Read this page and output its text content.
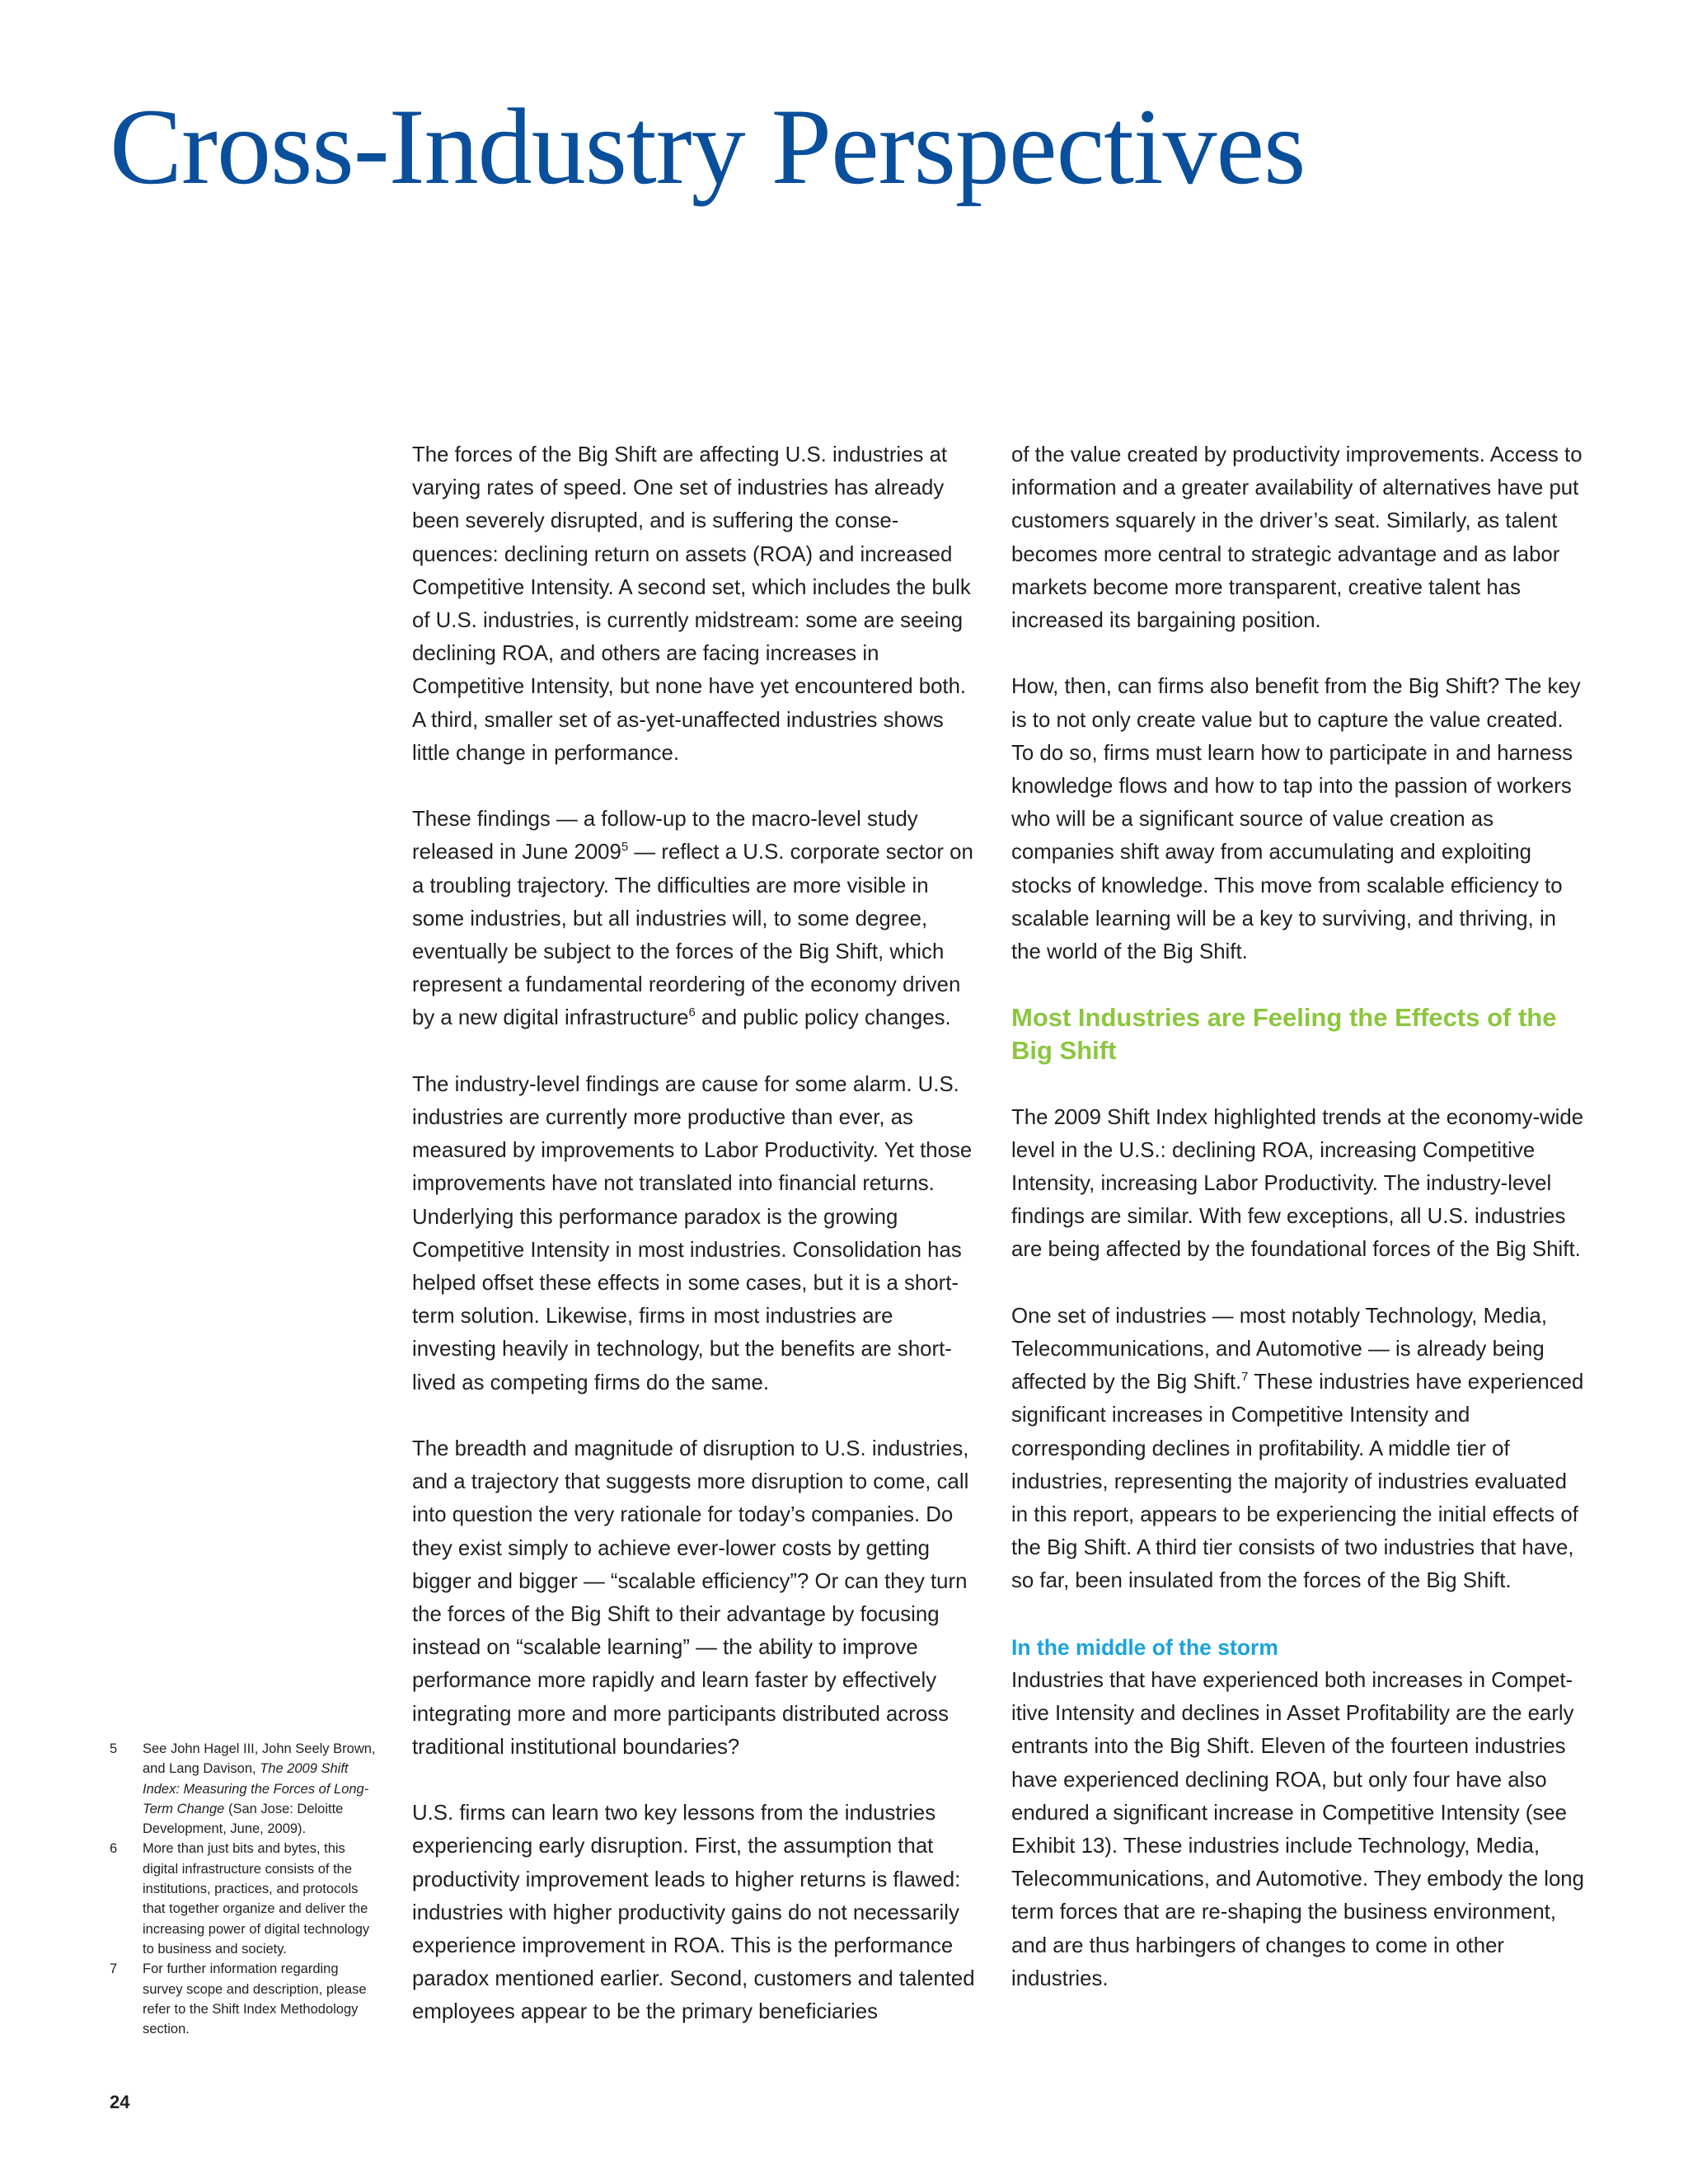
Cross-Industry Perspectives

The forces of the Big Shift are affecting U.S. industries at varying rates of speed. One set of industries has already been severely disrupted, and is suffering the consequences: declining return on assets (ROA) and increased Competitive Intensity. A second set, which includes the bulk of U.S. industries, is currently midstream: some are seeing declining ROA, and others are facing increases in Competitive Intensity, but none have yet encountered both. A third, smaller set of as-yet-unaffected industries shows little change in performance.

These findings — a follow-up to the macro-level study released in June 2009$^5$ — reflect a U.S. corporate sector on a troubling trajectory. The difficulties are more visible in some industries, but all industries will, to some degree, eventually be subject to the forces of the Big Shift, which represent a fundamental reordering of the economy driven by a new digital infrastructure$^6$ and public policy changes.

The industry-level findings are cause for some alarm. U.S. industries are currently more productive than ever, as measured by improvements to Labor Productivity. Yet those improvements have not translated into financial returns. Underlying this performance paradox is the growing Competitive Intensity in most industries. Consolidation has helped offset these effects in some cases, but it is a short-term solution. Likewise, firms in most industries are investing heavily in technology, but the benefits are shortlived as competing firms do the same.

The breadth and magnitude of disruption to U.S. industries, and a trajectory that suggests more disruption to come, call into question the very rationale for today’s companies. Do they exist simply to achieve ever-lower costs by getting bigger and bigger — “scalable efficiency”? Or can they turn the forces of the Big Shift to their advantage by focusing instead on “scalable learning” — the ability to improve performance more rapidly and learn faster by effectively integrating more and more participants distributed across traditional institutional boundaries?

U.S. firms can learn two key lessons from the industries experiencing early disruption. First, the assumption that productivity improvement leads to higher returns is flawed: industries with higher productivity gains do not necessarily experience improvement in ROA. This is the performance paradox mentioned earlier. Second, customers and talented employees appear to be the primary beneficiaries

of the value created by productivity improvements. Access to information and a greater availability of alternatives have put customers squarely in the driver’s seat. Similarly, as talent becomes more central to strategic advantage and as labor markets become more transparent, creative talent has increased its bargaining position.

How, then, can firms also benefit from the Big Shift? The key is to not only create value but to capture the value created. To do so, firms must learn how to participate in and harness knowledge flows and how to tap into the passion of workers who will be a significant source of value creation as companies shift away from accumulating and exploiting stocks of knowledge. This move from scalable efficiency to scalable learning will be a key to surviving, and thriving, in the world of the Big Shift.

Most Industries are Feeling the Effects of the Big Shift

The 2009 Shift Index highlighted trends at the economy-wide level in the U.S.: declining ROA, increasing Competitive Intensity, increasing Labor Productivity. The industry-level findings are similar. With few exceptions, all U.S. industries are being affected by the foundational forces of the Big Shift.

One set of industries — most notably Technology, Media, Telecommunications, and Automotive — is already being affected by the Big Shift.$^7$ These industries have experienced significant increases in Competitive Intensity and corresponding declines in profitability. A middle tier of industries, representing the majority of industries evaluated in this report, appears to be experiencing the initial effects of the Big Shift. A third tier consists of two industries that have, so far, been insulated from the forces of the Big Shift.

In the middle of the storm

Industries that have experienced both increases in Competitive Intensity and declines in Asset Profitability are the early entrants into the Big Shift. Eleven of the fourteen industries have experienced declining ROA, but only four have also endured a significant increase in Competitive Intensity (see Exhibit 13). These industries include Technology, Media, Telecommunications, and Automotive. They embody the long term forces that are re-shaping the business environment, and are thus harbingers of changes to come in other industries.

5 See John Hagel III, John Seely Brown, and Lang Davison, The 2009 Shift Index: Measuring the Forces of Long-Term Change (San Jose: Deloitte Development, June, 2009).
6 More than just bits and bytes, this digital infrastructure consists of the institutions, practices, and protocols that together organize and deliver the increasing power of digital technology to business and society.
7 For further information regarding survey scope and description, please refer to the Shift Index Methodology section.
24
